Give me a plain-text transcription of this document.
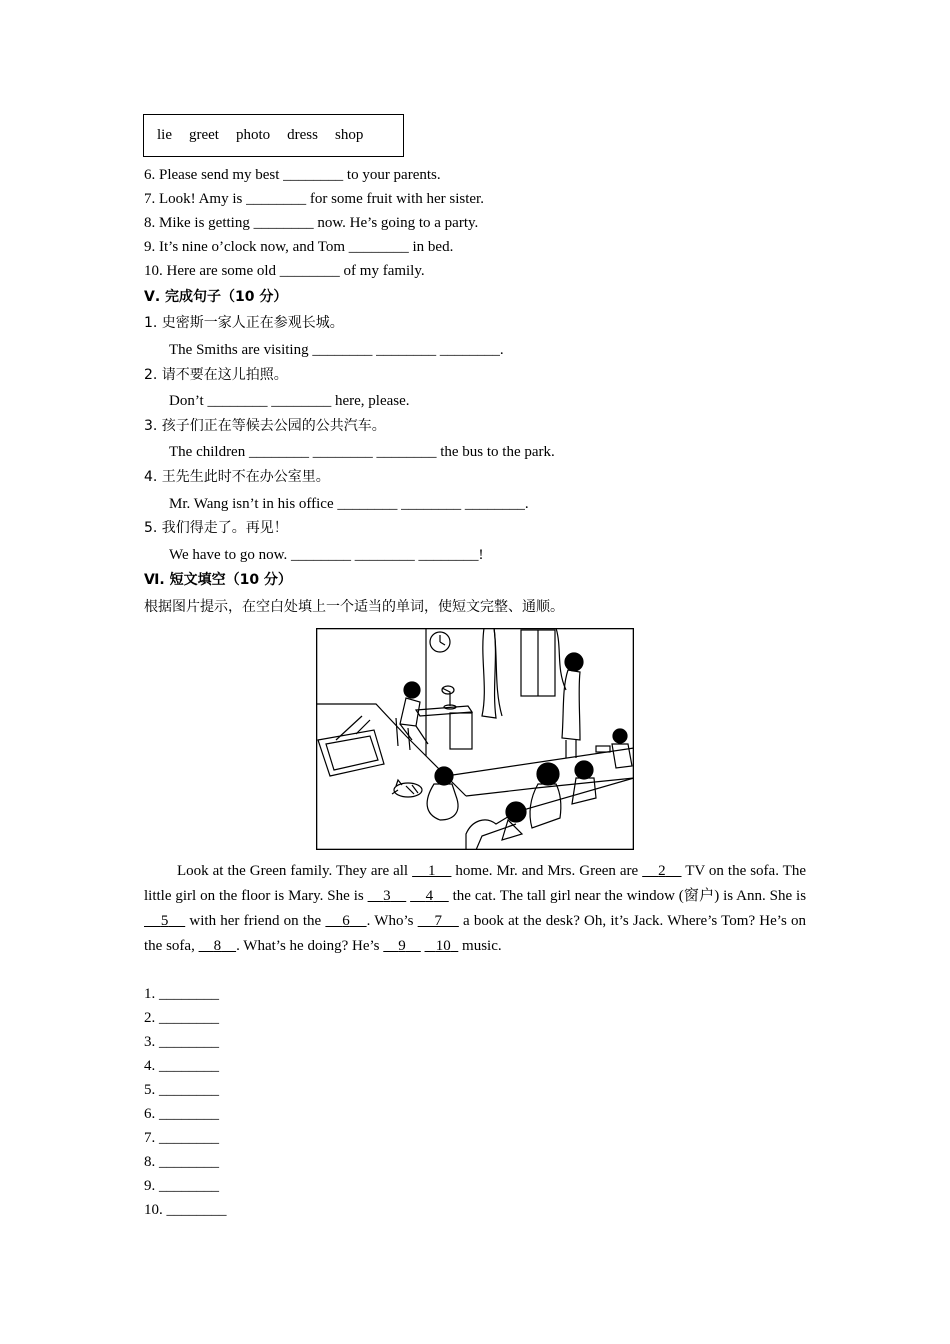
lie greet photo dress shop
6. Please send my best ________ to your parents.
7. Look! Amy is ________ for some fruit with her sister.
8. Mike is getting ________ now. He’s going to a party.
9. It’s nine o’clock now, and Tom ________ in bed.
10. Here are some old ________ of my family.
Ⅴ. 完成句子（10 分）
1. 史密斯一家人正在参观长城。
The Smiths are visiting ________ ________ ________.
2. 请不要在这儿拍照。
Don’t ________ ________ here, please.
3. 孩子们正在等候去公园的公共汽车。
The children ________ ________ ________ the bus to the park.
4. 王先生此时不在办公室里。
Mr. Wang isn’t in his office ________ ________ ________.
5. 我们得走了。再见！
We have to go now. ________ ________ ________!
Ⅵ. 短文填空（10 分）
根据图片提示，在空白处填上一个适当的单词，使短文完整、通顺。
Look at the Green family. They are all     1     home. Mr. and Mrs. Green are     2     TV on the sofa. The little girl on the floor is Mary. She is     3 4     the cat. The tall girl near the window (窗户) is Ann. She is     5     with her friend on the     6 . Who’s     7     a book at the desk? Oh, it’s Jack. Where’s Tom? He’s on the sofa,     8 . What’s he doing? He’s     9 10   music.
1. ________
2. ________
3. ________
4. ________
5. ________
6. ________
7. ________
8. ________
9. ________
10. ________
